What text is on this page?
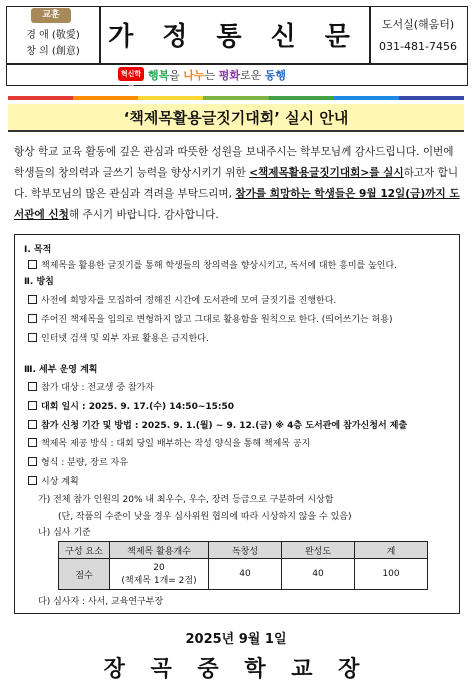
교훈
경 애 (敬愛)
창 의 (創意)	가 정 통 신 문	도서실(해움터)
031-481-7456
혁신학교
행복을 나누는 평화로운 동행
‘책제목활용글짓기대회’ 실시 안내
항상 학교 교육 활동에 깊은 관심과 따뜻한 성원을 보내주시는 학부모님께 감사드립니다. 이번에 학생들의 창의력과 글쓰기 능력을 향상시키기 위한 <책제목활용글짓기대회>를 실시하고자 합니다. 학부모님의 많은 관심과 격려을 부탁드리며, 참가를 희망하는 학생들은 9월 12일(금)까지 도서관에 신청해 주시기 바랍니다. 감사합니다.
Ⅰ. 목적
책제목을 활용한 글짓기를 통해 학생들의 창의력을 향상시키고, 독서에 대한 흥미를 높인다.
Ⅱ. 방침
사전에 희망자를 모집하여 정해진 시간에 도서관에 모여 글짓기를 진행한다.
주어진 책제목을 임의로 변형하지 않고 그대로 활용함을 원칙으로 한다. (띄어쓰기는 허용)
인터넷 검색 및 외부 자료 활용은 금지한다.
Ⅲ. 세부 운영 계획
참가 대상 : 전교생 중 참가자
대회 일시 : 2025. 9. 17.(수) 14:50~15:50
참가 신청 기간 및 방법 : 2025. 9. 1.(월) ~ 9. 12.(금) ※ 4층 도서관에 참가신청서 제출
책제목 제공 방식 : 대회 당일 배부하는 작성 양식을 통해 책제목 공지
형식 : 분량, 장르 자유
시상 계획
가) 전체 참가 인원의 20% 내 최우수, 우수, 장려 등급으로 구분하여 시상함
(단, 작품의 수준이 낮을 경우 심사위원 협의에 따라 시상하지 않을 수 있음)
나) 심사 기준
구성 요소	책제목 활용개수	독창성	완성도	계
점수	20
(책제목 1개= 2점)	40	40	100
다) 심사자 : 사서, 교육연구부장
2025년 9월 1일
장 곡 중 학 교 장
